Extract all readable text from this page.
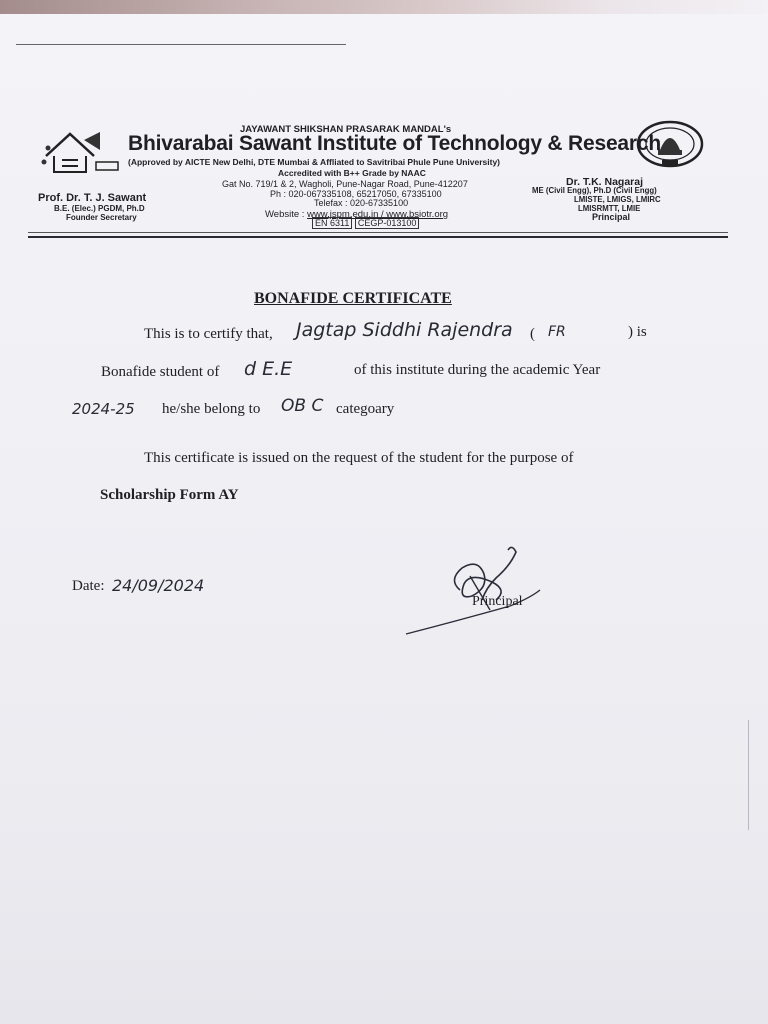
JAYAWANT SHIKSHAN PRASARAK MANDAL's
Bhivarabai Sawant Institute of Technology & Research
(Approved by AICTE New Delhi, DTE Mumbai & Affliated to Savitribai Phule Pune University)
Accredited with B++ Grade by NAAC
Gat No. 719/1 & 2, Wagholi, Pune-Nagar Road, Pune-412207
Ph : 020-067335108, 65217050, 67335100
Telefax : 020-67335100
Website : www.jspm.edu.in / www.bsiotr.org
EN 6311 CEGP-013100
Prof. Dr. T. J. Sawant
B.E. (Elec.) PGDM, Ph.D
Founder Secretary
Dr. T.K. Nagaraj
ME (Civil Engg), Ph.D (Civil Engg)
LMISTE, LMIGS, LMIRC
LMISRMTT, LMIE
Principal
BONAFIDE CERTIFICATE
This is to certify that, Jagtap Siddhi Rajendra ( FR	) is
Bonafide student of d E.E	of this institute during the academic Year
2024-25 he/she belong to OB C categoary
This certificate is issued on the request of the student for the purpose of
Scholarship Form AY
Date: 24/09/2024
Principal
